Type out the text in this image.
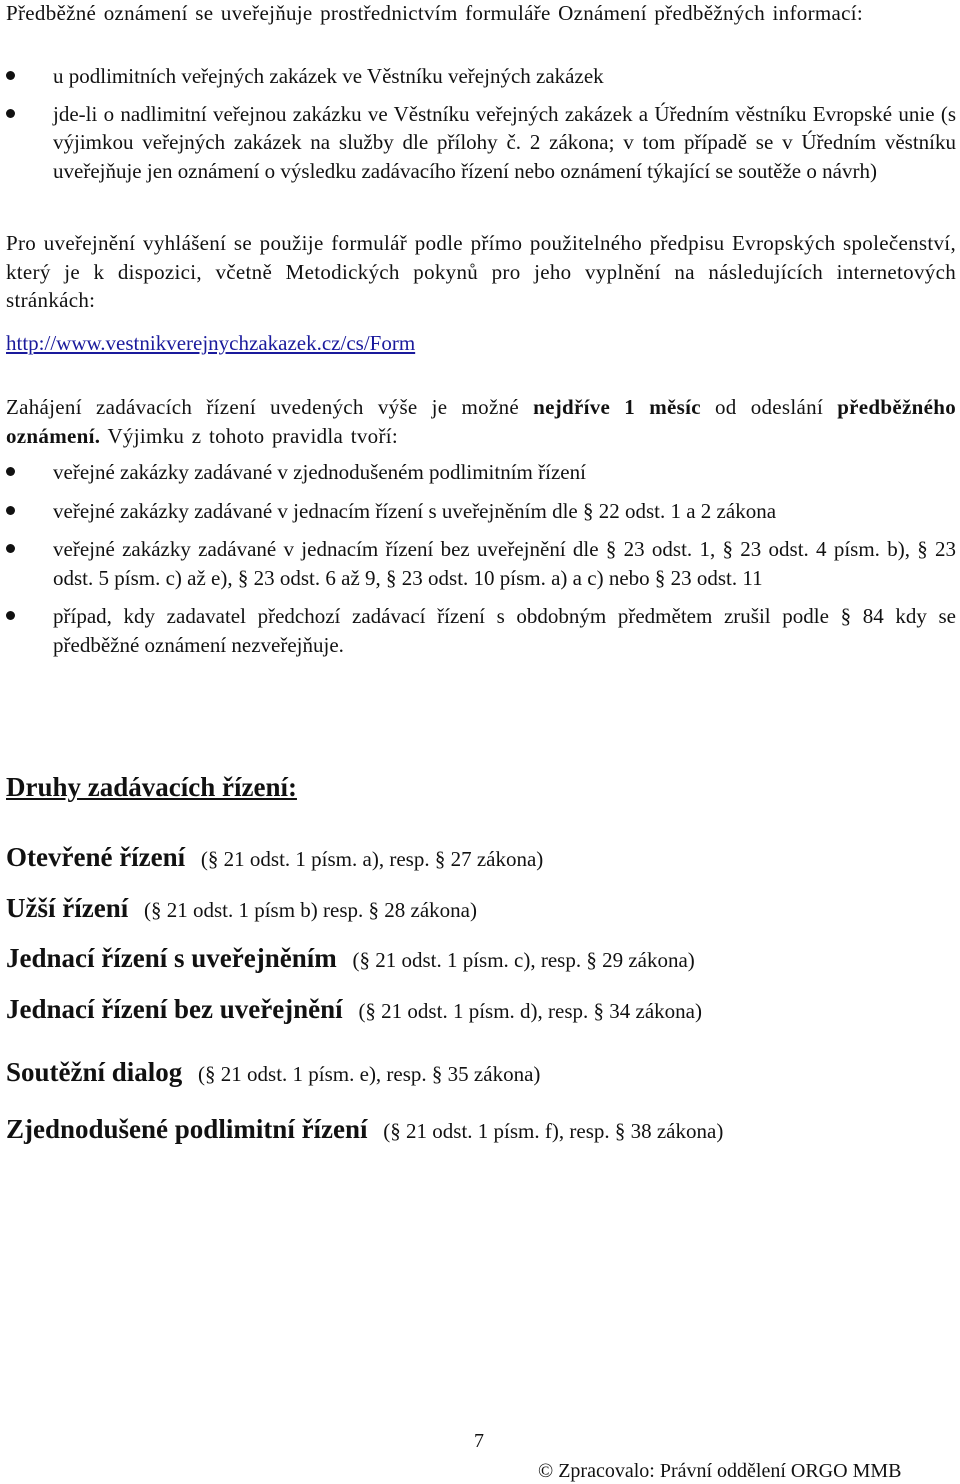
Předběžné oznámení se uveřejňuje prostřednictvím formuláře Oznámení předběžných informací:

u podlimitních veřejných zakázek ve Věstníku veřejných zakázek
jde-li o nadlimitní veřejnou zakázku ve Věstníku veřejných zakázek a Úředním věstníku Evropské unie (s výjimkou veřejných zakázek na služby dle přílohy č. 2 zákona; v tom případě se v Úředním věstníku uveřejňuje jen oznámení o výsledku zadávacího řízení nebo oznámení týkající se soutěže o návrh)

Pro uveřejnění vyhlášení se použije formulář podle přímo použitelného předpisu Evropských společenství, který je k dispozici, včetně Metodických pokynů pro jeho vyplnění na následujících internetových stránkách:

http://www.vestnikverejnychzakazek.cz/cs/Form

Zahájení zadávacích řízení uvedených výše je možné nejdříve 1 měsíc od odeslání předběžného oznámení. Výjimku z tohoto pravidla tvoří:

veřejné zakázky zadávané v zjednodušeném podlimitním řízení
veřejné zakázky zadávané v jednacím řízení s uveřejněním dle § 22 odst. 1 a 2 zákona
veřejné zakázky zadávané v jednacím řízení bez uveřejnění dle § 23 odst. 1, § 23 odst. 4 písm. b), § 23 odst. 5 písm. c) až e), § 23 odst. 6 až 9, § 23 odst. 10 písm. a) a c) nebo § 23 odst. 11
případ, kdy zadavatel předchozí zadávací řízení s obdobným předmětem zrušil podle § 84 kdy se předběžné oznámení nezveřejňuje.
Druhy zadávacích řízení:
Otevřené řízení (§ 21 odst. 1 písm. a), resp. § 27 zákona)
Užší řízení (§ 21 odst. 1 písm b) resp. § 28 zákona)
Jednací řízení s uveřejněním (§ 21 odst. 1 písm. c), resp. § 29 zákona)
Jednací řízení bez uveřejnění (§ 21 odst. 1 písm. d), resp. § 34 zákona)
Soutěžní dialog (§ 21 odst. 1 písm. e), resp. § 35 zákona)
Zjednodušené podlimitní řízení (§ 21 odst. 1 písm. f), resp. § 38 zákona)
7
© Zpracovalo: Právní oddělení ORGO MMB
